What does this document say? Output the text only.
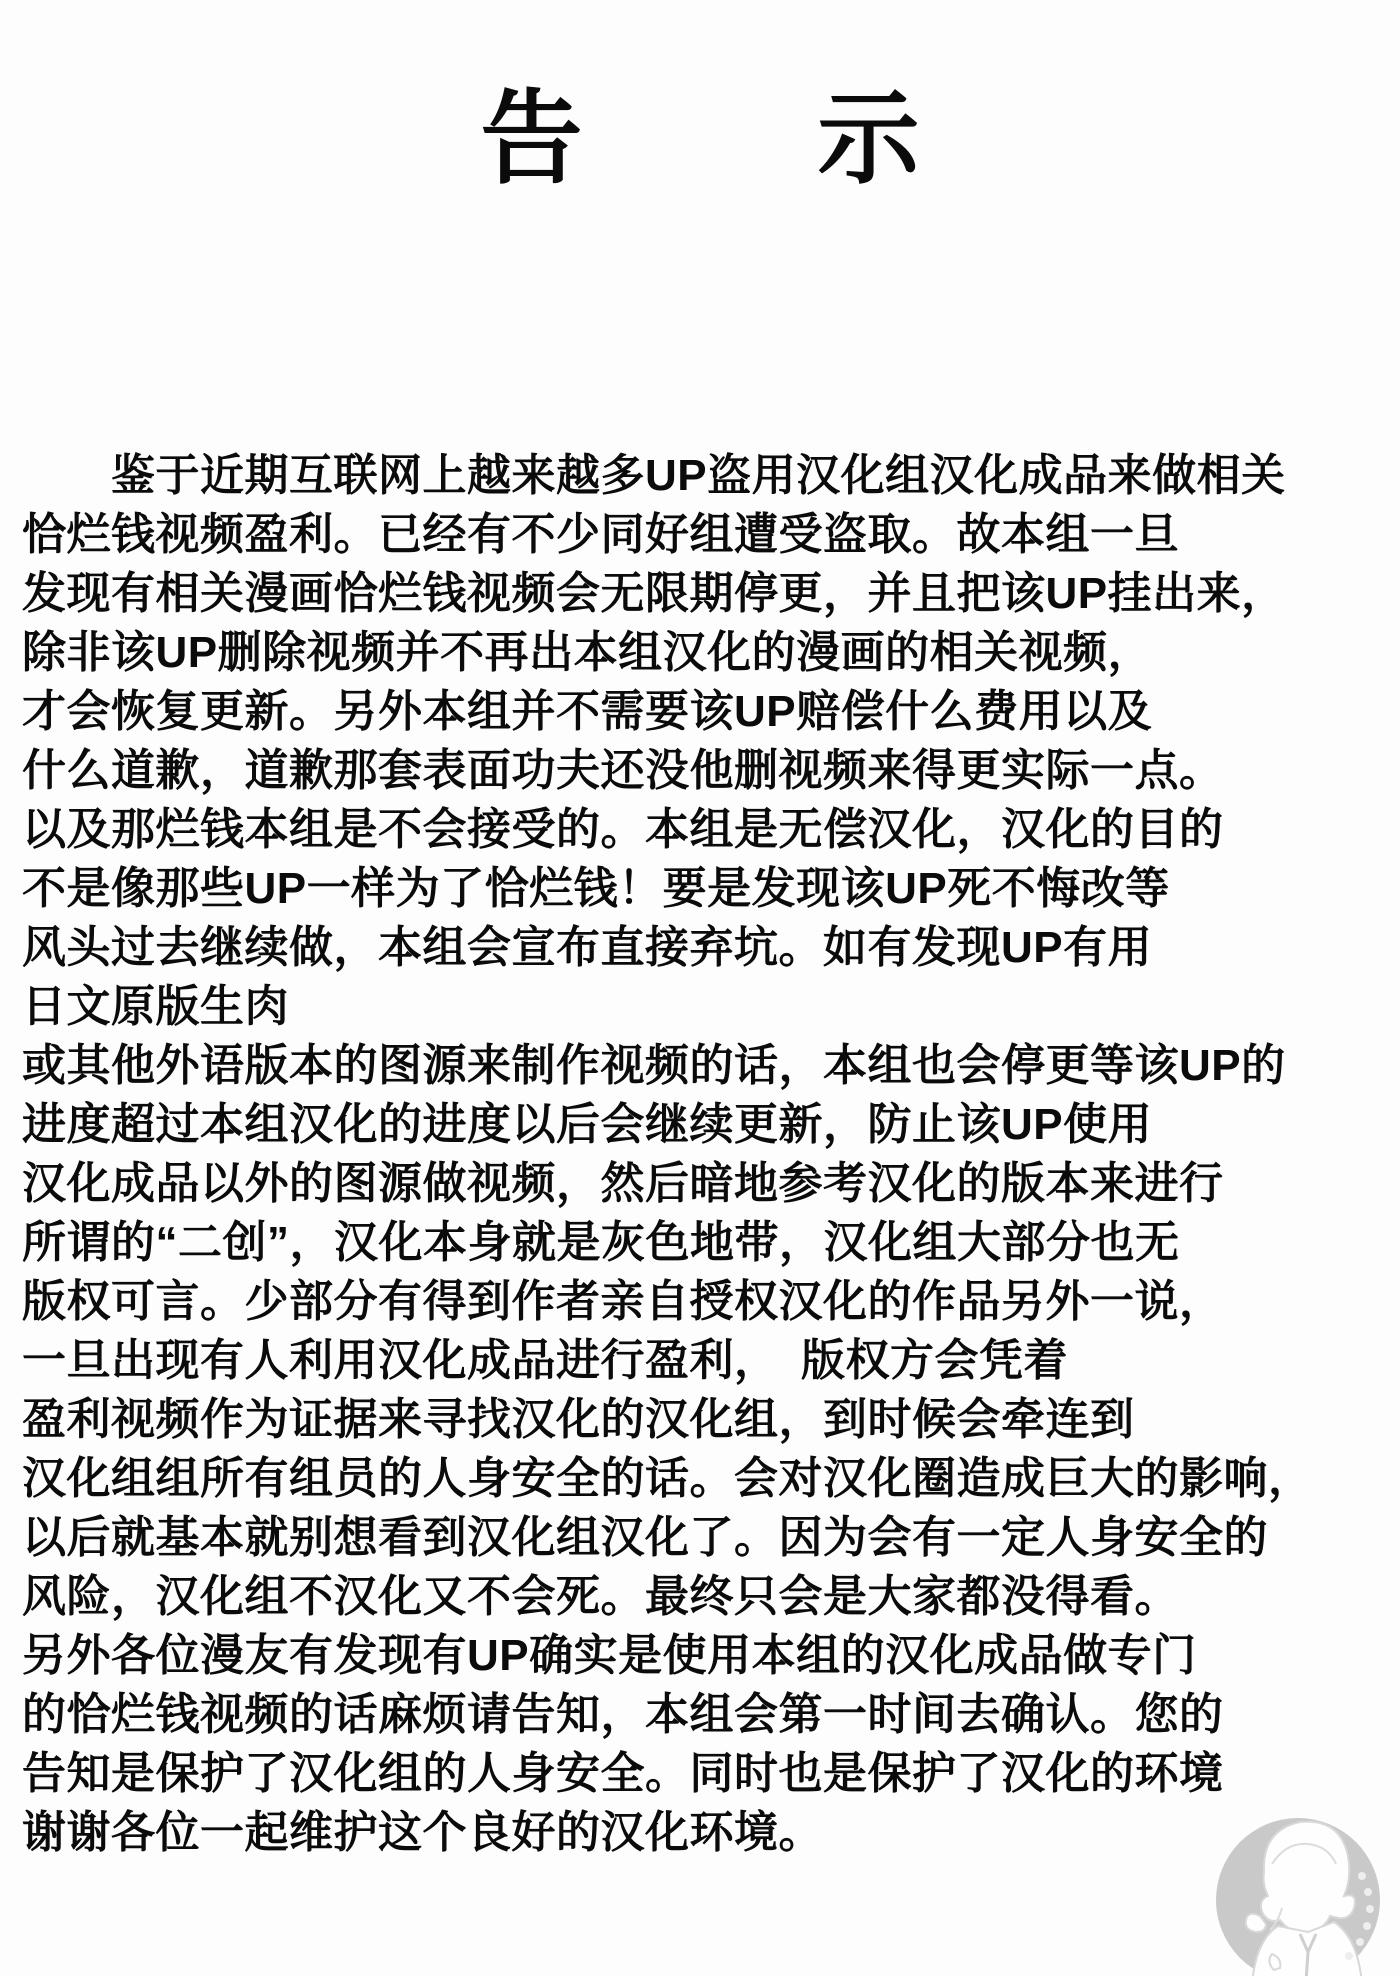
告 示
　　鉴于近期互联网上越来越多UP盗用汉化组汉化成品来做相关
恰烂钱视频盈利。已经有不少同好组遭受盗取。故本组一旦
发现有相关漫画恰烂钱视频会无限期停更，并且把该UP挂出来，
除非该UP删除视频并不再出本组汉化的漫画的相关视频，
才会恢复更新。另外本组并不需要该UP赔偿什么费用以及
什么道歉，道歉那套表面功夫还没他删视频来得更实际一点。
以及那烂钱本组是不会接受的。本组是无偿汉化，汉化的目的
不是像那些UP一样为了恰烂钱！要是发现该UP死不悔改等
风头过去继续做，本组会宣布直接弃坑。如有发现UP有用
日文原版生肉
或其他外语版本的图源来制作视频的话，本组也会停更等该UP的
进度超过本组汉化的进度以后会继续更新，防止该UP使用
汉化成品以外的图源做视频，然后暗地参考汉化的版本来进行
所谓的“二创”，汉化本身就是灰色地带，汉化组大部分也无
版权可言。少部分有得到作者亲自授权汉化的作品另外一说，
一旦出现有人利用汉化成品进行盈利，　版权方会凭着
盈利视频作为证据来寻找汉化的汉化组，到时候会牵连到
汉化组组所有组员的人身安全的话。会对汉化圈造成巨大的影响，
以后就基本就别想看到汉化组汉化了。因为会有一定人身安全的
风险，汉化组不汉化又不会死。最终只会是大家都没得看。
另外各位漫友有发现有UP确实是使用本组的汉化成品做专门
的恰烂钱视频的话麻烦请告知，本组会第一时间去确认。您的
告知是保护了汉化组的人身安全。同时也是保护了汉化的环境
谢谢各位一起维护这个良好的汉化环境。
